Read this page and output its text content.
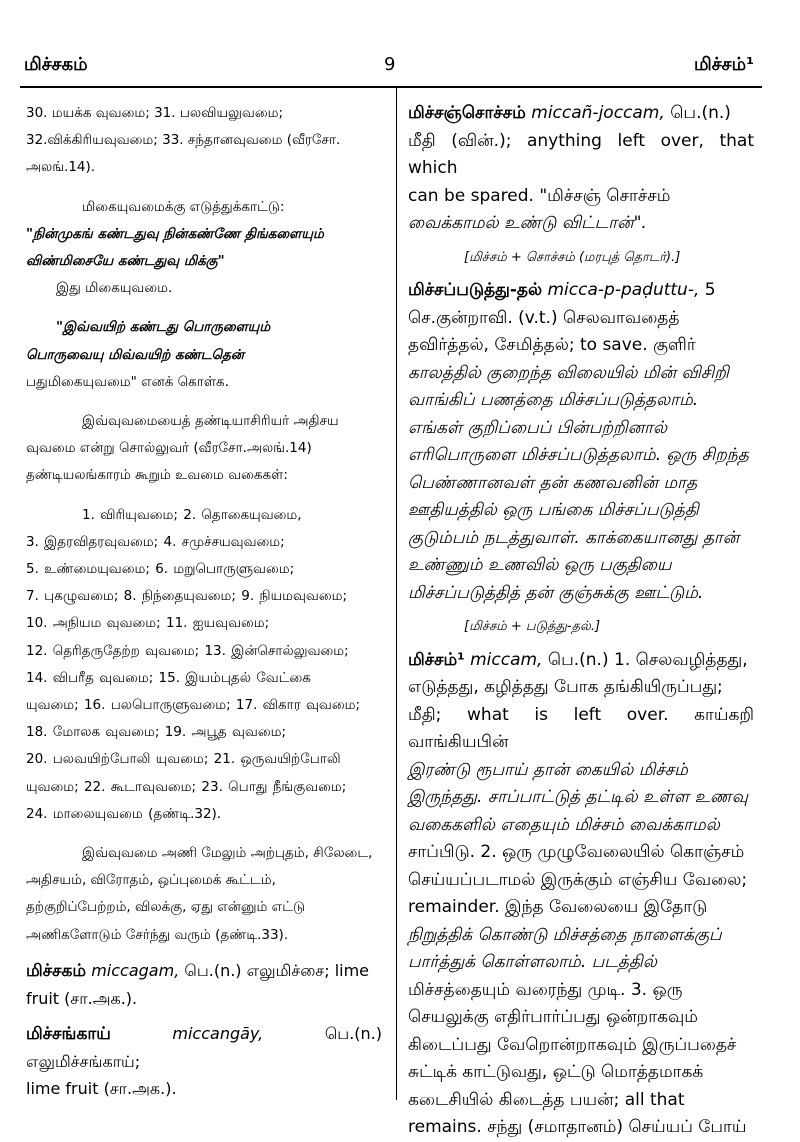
மிச்சகம்	9	மிச்சம்¹
30. மயக்க வுவமை; 31. பலவியலுவமை;
32.விக்கிரியவுவமை; 33. சந்தானவுவமை (வீரசோ.
அலங்.14).
மிகையுவமைக்கு எடுத்துக்காட்டு:
"நின்முகங் கண்டதுவு நின்கண்ணே திங்களையும்
விண்மிசையே கண்டதுவு மிக்கு"
இது மிகையுவமை.
"இவ்வயிற் கண்டது பொருளையும்
பொருவையு மிவ்வயிற் கண்டதென்
பதுமிகையுவமை" எனக் கொள்க.
இவ்வுவமையைத் தண்டியாசிரியர் அதிசய
வுவமை என்று சொல்லுவர் (வீரசோ.அலங்.14)
தண்டியலங்காரம் கூறும் உவமை வகைகள்:
1. விரியுவமை; 2. தொகையுவமை,
3. இதரவிதரவுவமை; 4. சமுச்சயவுவமை;
5. உண்மையுவமை; 6. மறுபொருளுவமை;
7. புகழுவமை; 8. நிந்தையுவமை; 9. நியமவுவமை;
10. அநியம வுவமை; 11. ஐயவுவமை;
12. தெரிதருதேற்ற வுவமை; 13. இன்சொல்லுவமை;
14. விபரீத வுவமை; 15. இயம்புதல் வேட்கை
யுவமை; 16. பலபொருளுவமை; 17. விகார வுவமை;
18. மோலக வுவமை; 19. அபூத வுவமை;
20. பலவயிற்போலி யுவமை; 21. ஒருவயிற்போலி
யுவமை; 22. கூடாவுவமை; 23. பொது நீங்குவமை;
24. மாலையுவமை (தண்டி.32).
இவ்வுவமை அணி மேலும் அற்புதம், சிலேடை,
அதிசயம், விரோதம், ஒப்புமைக் கூட்டம்,
தற்குறிப்பேற்றம், விலக்கு, ஏது என்னும் எட்டு
அணிகளோடும் சேர்ந்து வரும் (தண்டி.33).
மிச்சகம் miccagam, பெ.(n.) எலுமிச்சை; lime
fruit (சா.அக.).
மிச்சங்காய்	miccangāy,	பெ.(n.) எலுமிச்சங்காய்;
lime fruit (சா.அக.).
மிச்சஞ்சொச்சம் miccañ-joccam, பெ.(n.)
மீதி (வின்.); anything left over, that which
can be spared. "மிச்சஞ் சொச்சம்
வைக்காமல் உண்டு விட்டான்".
[மிச்சம் + சொச்சம் (மரபுத் தொடர்).]
மிச்சப்படுத்து-தல் micca-p-paḍuttu-, 5
செ.குன்றாவி. (v.t.) செலவாவதைத்
தவிர்த்தல், சேமித்தல்; to save. குளிர்
காலத்தில் குறைந்த விலையில் மின் விசிறி
வாங்கிப் பணத்தை மிச்சப்படுத்தலாம்.
எங்கள் குறிப்பைப் பின்பற்றினால்
எரிபொருளை மிச்சப்படுத்தலாம். ஒரு சிறந்த
பெண்ணானவள் தன் கணவனின் மாத
ஊதியத்தில் ஒரு பங்கை மிச்சப்படுத்தி
குடும்பம் நடத்துவாள். காக்கையானது தான்
உண்ணும் உணவில் ஒரு பகுதியை
மிச்சப்படுத்தித் தன் குஞ்சுக்கு ஊட்டும்.
[மிச்சம் + படுத்து-தல்.]
மிச்சம்¹ miccam, பெ.(n.) 1. செலவழித்தது,
எடுத்தது, கழித்தது போக தங்கியிருப்பது;
மீதி; what is left over. காய்கறி வாங்கியபின்
இரண்டு ரூபாய் தான் கையில் மிச்சம்
இருந்தது. சாப்பாட்டுத் தட்டில் உள்ள உணவு
வகைகளில் எதையும் மிச்சம் வைக்காமல்
சாப்பிடு. 2. ஒரு முழுவேலையில் கொஞ்சம்
செய்யப்படாமல் இருக்கும் எஞ்சிய வேலை;
remainder. இந்த வேலையை இதோடு
நிறுத்திக் கொண்டு மிச்சத்தை நாளைக்குப்
பார்த்துக் கொள்ளலாம். படத்தில்
மிச்சத்தையும் வரைந்து முடி. 3. ஒரு
செயலுக்கு எதிர்பார்ப்பது ஒன்றாகவும்
கிடைப்பது வேறொன்றாகவும் இருப்பதைச்
சுட்டிக் காட்டுவது, ஒட்டு மொத்தமாகக்
கடைசியில் கிடைத்த பயன்; all that
remains. சந்து (சமாதானம்) செய்யப் போய்
